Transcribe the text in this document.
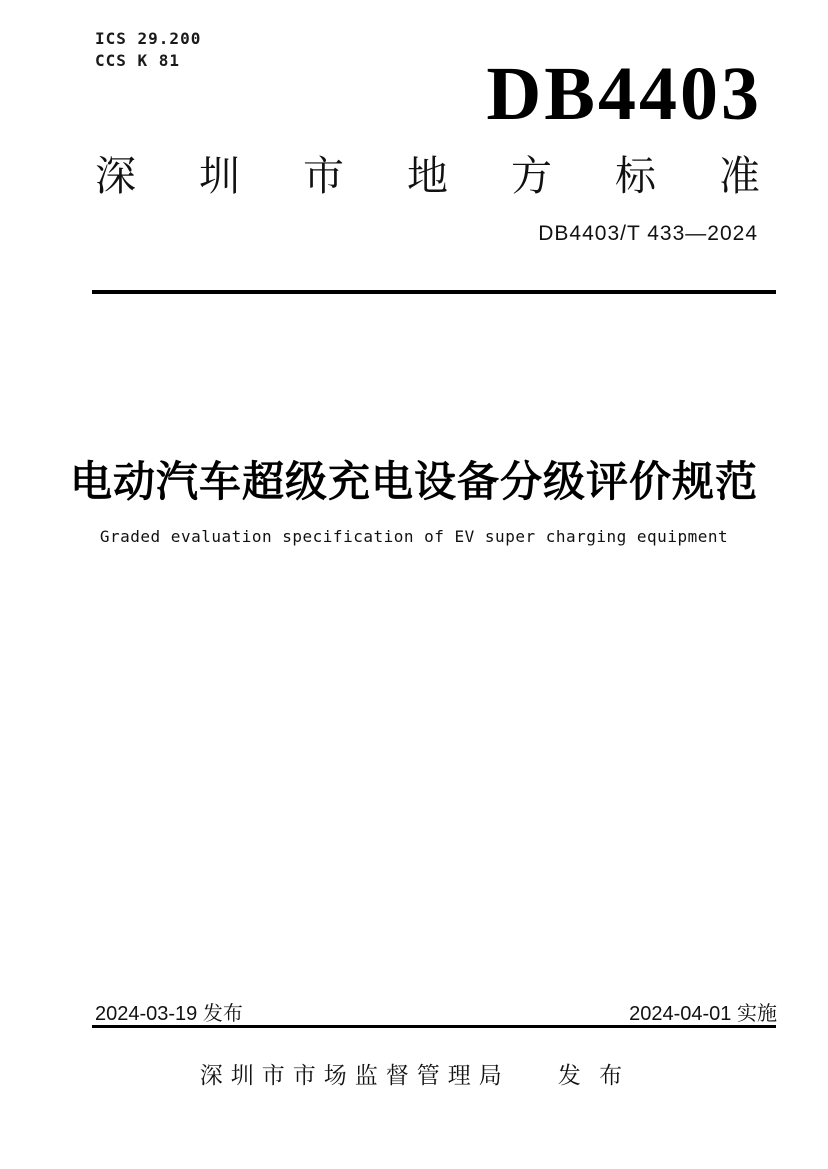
ICS 29.200
CCS K 81	DB4403
深圳市地方标准
DB4403/T 433—2024
电动汽车超级充电设备分级评价规范
Graded evaluation specification of EV super charging equipment
2024-03-19 发布	2024-04-01 实施
深圳市市场监督管理局 发 布
